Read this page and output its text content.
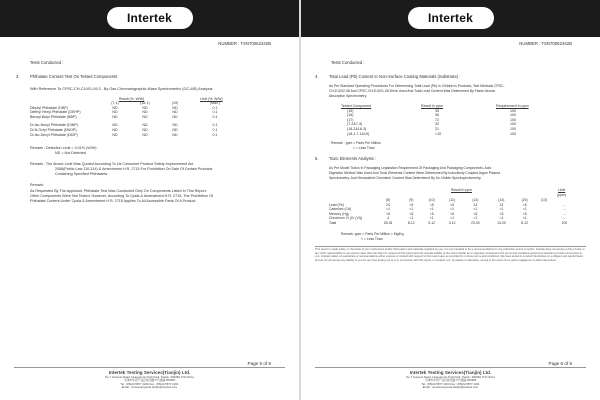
Intertek
NUMBER : TSN70062342B
Tests Conducted :
3.	Phthalate Content Test On Tested Components
With Reference To CPSC-CH-C1001-09.3 , By Gas Chromatographic-Mass Spectrometric (GC-MS) Analysis.
Result (%, W/W)	Limit (%, W/W)
	(7-1)	(18-1)	(19)	(Max.)
Dibutyl Phthalate (DBP)	ND	ND	ND	0.1
Diethyl Hexyl Phthalate (DEHP)	ND	ND	ND	0.1
Benzyl Butyl Phthalate (BBP)	ND	ND	ND	0.1

Di-Iso-Nonyl Phthalate (DINP)	ND	ND	ND	0.1
Di-N-Octyl Phthalate (DNOP)	ND	ND	ND	0.1
Di-Iso-Decyl Phthalate (DIDP)	ND	ND	ND	0.1
Remark : Detection Limit = 0.01% (W/W)
ND = Not Detected
Remark : The Above Limit Was Quoted According To Us Consumer Product Safety Improvement Act
2008(Public Law 110-314) & Amendment H.R. 2715 For Prohibition On Sale Of Certain Products
Containing Specified Phthalates.
Remark:
As Requested By The Applicant, Phthalate Test Was Conducted Only On Components Listed In This Report.
Other Components Were Not Tested. However, According To Cpsia & Amendment H.R. 2715, The Prohibition Of
Phthalate Content Under Cpsia & Amendment H.R. 2715 Applies To All Accessible Parts Of A Product.
Page 5 of 6
Intertek Testing Services(Tianjin) Ltd.
No.7 Guiyuan Road, Huayuan Hi-Tech Park, Tianjin, 300384, P.R.China
天津市华苑产业区桂苑路7号 邮编:300384
Tel : (86)22-5877 2200 Fax : (86)22-5877 2201
Email : consumergoods.tianjin@intertek.com
Intertek
NUMBER : TSN70062342B
Tests Conducted :
4.	Total Lead (Pb) Content In Non-Surface Coating Materials (Substrate) :
As Per Standard Operating Procedures For Determining Total Lead (Pb) In Children's Products, Test Methods CPSC-
CH-E1002-08 And CPSC-CH-E1001-08 Were Used And Total Lead Content Was Determined By Flame Atomic
Absorption Spectrometry.
Tested Component	Result In ppm	Requirement In ppm
(15)	35	100
(16)	36	100
(17)	72	100
(7-2&7-3)	32	100
(18-2&18-3)	21	100
(18-1,7-1&19)	<10	100
Remark : ppm = Parts Per Million
< = Less Than
5.	Toxic Elements Analysis :
As Per Model Toxics In Packaging Legislation Requirement Of Packaging And Packaging Components, Acid
Digestion Method Was Used And Toxic Elements Content Were Determined By Inductively Coupled Argon Plasma
Spectrometry, And Hexavalent Chromium Content Was Determined By Uv-Visible Spectrophotometry.
Result In ppm	Limit
(ppm)
	(8)	(9)	(10)	(11)	(12)	(14)	(20)	(13)	
Lead (Pb)	24	<5	<5	<5	23	13	<5		--
Cadmium (Cd)	<1	<1	<1	<1	<1	<1	<1		--
Mercury (Hg)	<5	<5	<5	<5	<5	<5	<5		--
Chromium VI (Cr (VI))	4	<1	<1	<1	<1	<1	<1		--
Total	28-34	8-12	0-12	0-12	23-30	13-20	8-12		100
Remark: ppm = Parts Per Million = Mg/Kg
< = Less Than
This report is made solely on the basis of your instructions and/or information and materials supplied by you. It is not intended to be a recommendation for any particular course of action. Intertek does not accept a duty of care or any other responsibility to any person other than the Client in respect of this report and only accepts liability to the Client insofar as is expressly contained in the terms and conditions governing Intertek's provision of services to you. Intertek makes no warranties or representations either express or implied with respect to this report save as provided for in those terms and conditions. We have aimed to conduct the Review on a diligent and careful basis and we do not accept any liability to you for any loss arising out of or in connection with this report, in contract, tort, by statute or otherwise, except in the event of our gross negligence or wilful misconduct.
Page 6 of 6
Intertek Testing Services(Tianjin) Ltd.
No.7 Guiyuan Road, Huayuan Hi-Tech Park, Tianjin, 300384, P.R.China
天津市华苑产业区桂苑路7号 邮编:300384
Tel : (86)22-5877 2200 Fax : (86)22-5877 2201
Email : consumergoods.tianjin@intertek.com
